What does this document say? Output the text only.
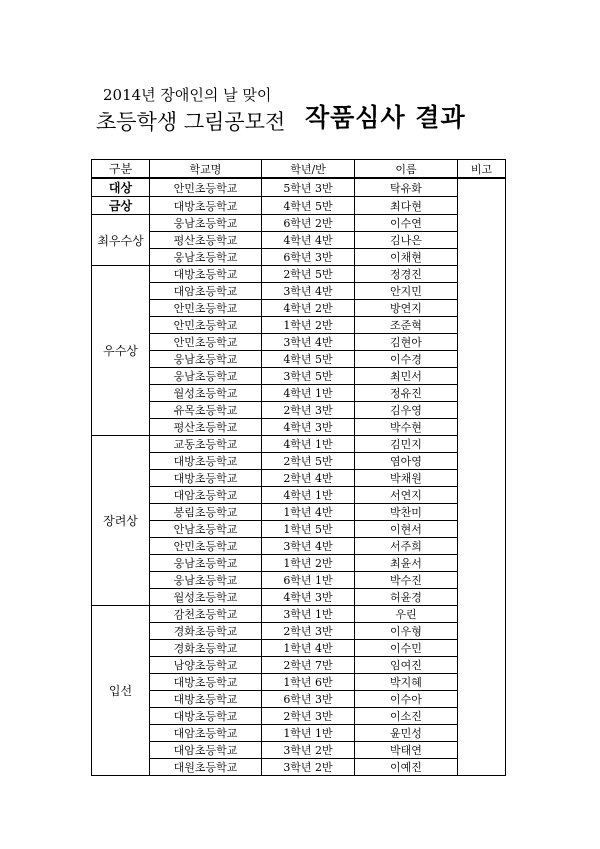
2014년 장애인의 날 맞이
초등학생 그림공모전 작품심사 결과
구분	학교명	학년/반	이름	비고
대상	안민초등학교	5학년 3반	탁유화	
금상	대방초등학교	4학년 5반	최다현	
최우수상	웅남초등학교	6학년 2반	이수연	
	평산초등학교	4학년 4반	김나은	
	웅남초등학교	6학년 3반	이채현	
우수상	대방초등학교	2학년 5반	정경진	
	대암초등학교	3학년 4반	안지민	
	안민초등학교	4학년 2반	방연지	
	안민초등학교	1학년 2반	조준혁	
	안민초등학교	3학년 4반	김현아	
	웅남초등학교	4학년 5반	이수경	
	웅남초등학교	3학년 5반	최민서	
	월성초등학교	4학년 1반	정유진	
	유목초등학교	2학년 3반	김우영	
	평산초등학교	4학년 3반	박수현	
장려상	교동초등학교	4학년 1반	김민지	
	대방초등학교	2학년 5반	염아영	
	대방초등학교	2학년 4반	박채원	
	대암초등학교	4학년 1반	서연지	
	봉림초등학교	1학년 4반	박찬미	
	안남초등학교	1학년 5반	이현서	
	안민초등학교	3학년 4반	서주희	
	웅남초등학교	1학년 2반	최윤서	
	웅남초등학교	6학년 1반	박수진	
	월성초등학교	4학년 3반	허윤경	
입선	감천초등학교	3학년 1반	우린	
	경화초등학교	2학년 3반	이우형	
	경화초등학교	1학년 4반	이수민	
	남양초등학교	2학년 7반	임여진	
	대방초등학교	1학년 6반	박지혜	
	대방초등학교	6학년 3반	이수아	
	대방초등학교	2학년 3반	이소진	
	대암초등학교	1학년 1반	윤민성	
	대암초등학교	3학년 2반	박태연	
	대원초등학교	3학년 2반	이예진	
